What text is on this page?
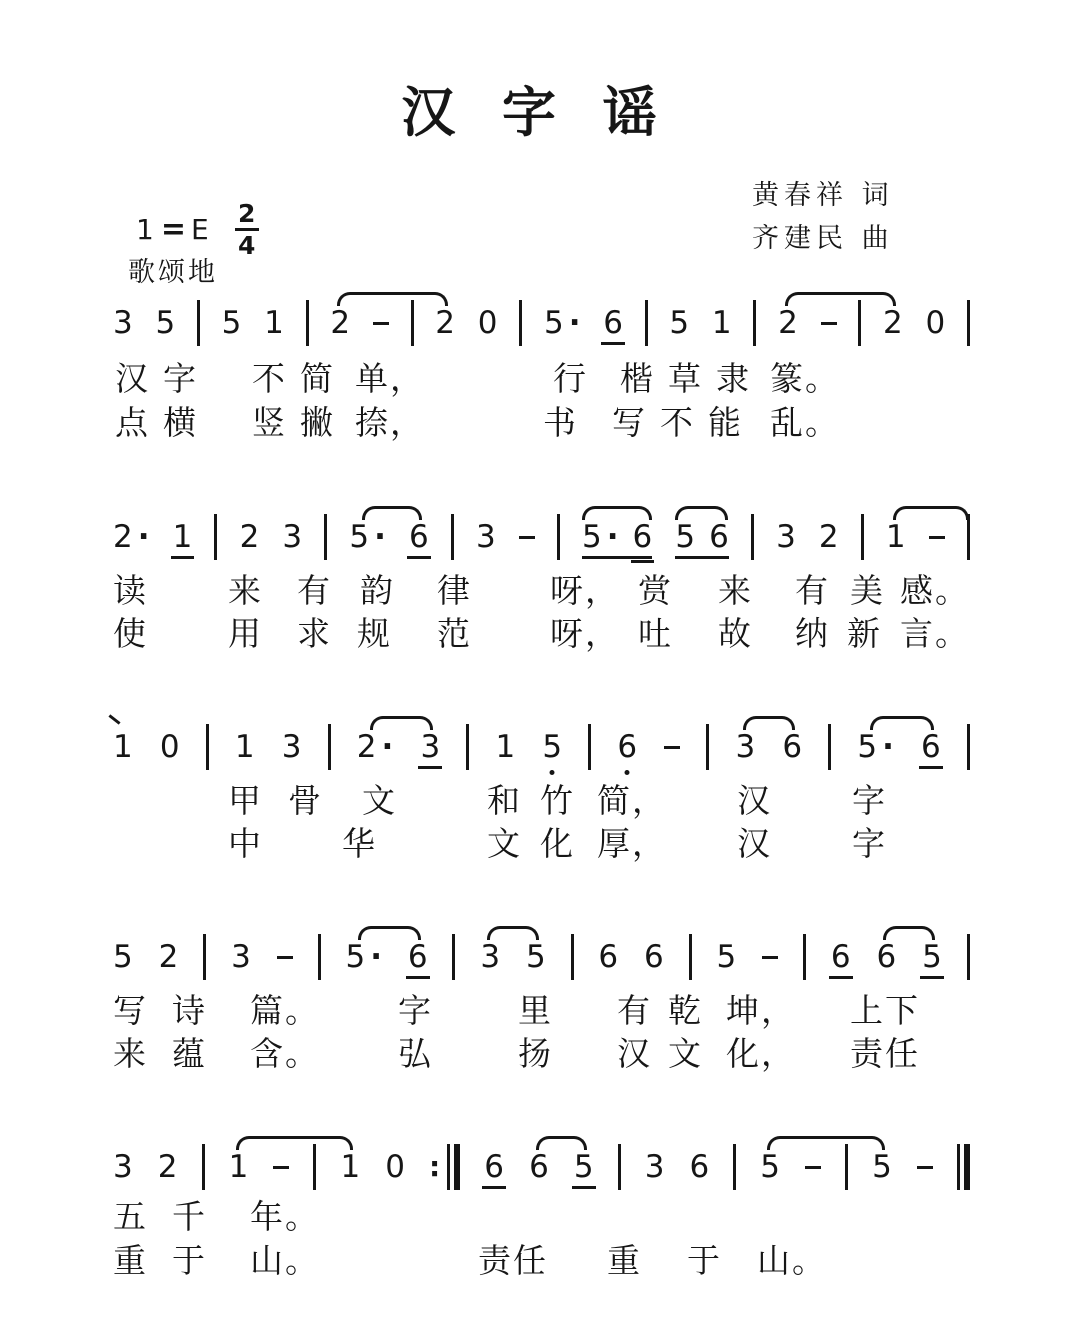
汉 字 谣
黄春祥 词
齐建民 曲
1 = E 2
4
歌颂地
3 5 5 1 2	2 0 5 · 6 5 1 2	2 0
汉 字 不 简 单，	行 楷 草 隶 篆。
点 横 竖 撇 捺，	书 写 不 能 乱。
2 · 1 2 3 5 · 6 3	5 · 6 5 6 3 2 1
读 来 有 韵 律 呀， 赏 来 有 美 感。
使 用 求 规 范 呀， 吐 故 纳 新 言。
1 0 1 3 2 · 3 1 5 6	3 6 5 · 6
甲 骨 文	和 竹 简， 汉 字
中 华	文 化 厚， 汉 字
5 2 3	5 · 6 3 5 6 6 5	6 6 5
写 诗 篇。 字	里 有 乾 坤， 上下
来 蕴 含。 弘	扬 汉 文 化， 责任
3 2 1	1 0 : 6 6 5 3 6 5	5
五 千 年。
重 于 山。	责任 重 于 山。
